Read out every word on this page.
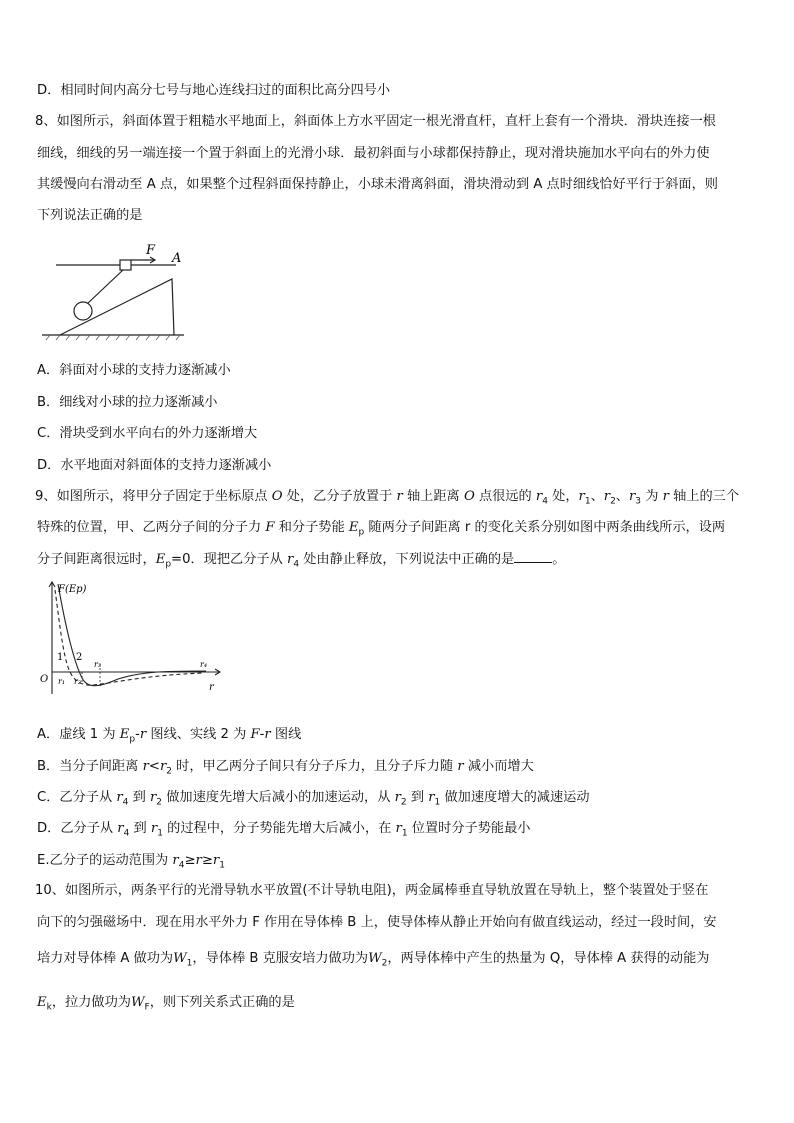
D．相同时间内高分七号与地心连线扫过的面积比高分四号小
8、如图所示，斜面体置于粗糙水平地面上，斜面体上方水平固定一根光滑直杆，直杆上套有一个滑块．滑块连接一根
细线，细线的另一端连接一个置于斜面上的光滑小球．最初斜面与小球都保持静止，现对滑块施加水平向右的外力使
其缓慢向右滑动至 A 点，如果整个过程斜面保持静止，小球未滑离斜面，滑块滑动到 A 点时细线恰好平行于斜面，则
下列说法正确的是
F
A
A．斜面对小球的支持力逐渐减小
B．细线对小球的拉力逐渐减小
C．滑块受到水平向右的外力逐渐增大
D．水平地面对斜面体的支持力逐渐减小
9、如图所示，将甲分子固定于坐标原点 O 处，乙分子放置于 r 轴上距离 O 点很远的 $r_4$ 处，$r_1$、$r_2$、$r_3$ 为 r 轴上的三个
特殊的位置，甲、乙两分子间的分子力 F 和分子势能 $E_p$ 随两分子间距离 r 的变化关系分别如图中两条曲线所示，设两
分子间距离很远时，$E_p=0$．现把乙分子从 $r_4$ 处由静止释放，下列说法中正确的是	。
F(Ep)
O
r
1 2
r₁ r₂
r₃	r₄
A．虚线 1 为 $E_p-r$ 图线、实线 2 为 F-r 图线
B．当分子间距离 $r<r_2$ 时，甲乙两分子间只有分子斥力，且分子斥力随 r 减小而增大
C．乙分子从 $r_4$ 到 $r_2$ 做加速度先增大后减小的加速运动，从 $r_2$ 到 $r_1$ 做加速度增大的减速运动
D．乙分子从 $r_4$ 到 $r_1$ 的过程中，分子势能先增大后减小，在 $r_1$ 位置时分子势能最小
E.乙分子的运动范围为 $r_4\ge r\ge r_1$
10、如图所示，两条平行的光滑导轨水平放置(不计导轨电阻)，两金属棒垂直导轨放置在导轨上，整个装置处于竖在
向下的匀强磁场中．现在用水平外力 F 作用在导体棒 B 上，使导体棒从静止开始向有做直线运动，经过一段时间，安
培力对导体棒 A 做功为$W_1$，导体棒 B 克服安培力做功为$W_2$，两导体棒中产生的热量为 Q，导体棒 A 获得的动能为
$E_k$，拉力做功为$W_F$，则下列关系式正确的是
